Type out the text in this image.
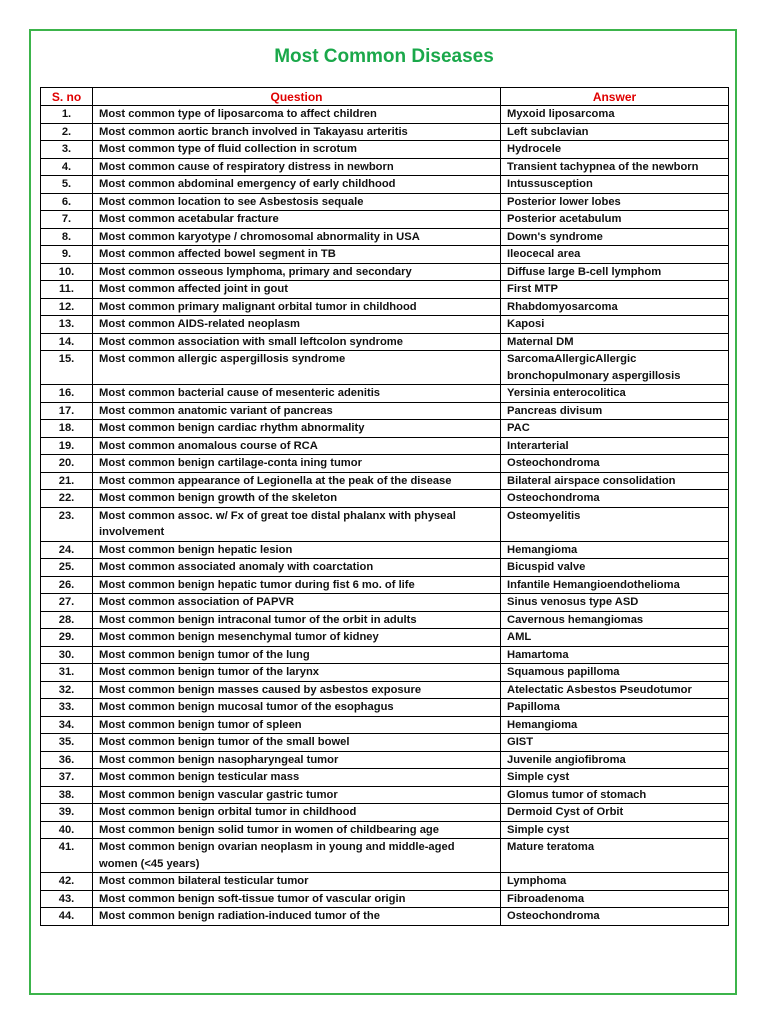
Most Common Diseases
S. no	Question	Answer
1.	Most common type of liposarcoma to affect children	Myxoid liposarcoma
2.	Most common aortic branch involved in Takayasu arteritis	Left subclavian
3.	Most common type of fluid collection in scrotum	Hydrocele
4.	Most common cause of respiratory distress in newborn	Transient tachypnea of the newborn
5.	Most common abdominal emergency of early childhood	Intussusception
6.	Most common location to see Asbestosis sequale	Posterior lower lobes
7.	Most common acetabular fracture	Posterior acetabulum
8.	Most common karyotype / chromosomal abnormality in USA	Down's syndrome
9.	Most common affected bowel segment in TB	Ileocecal area
10.	Most common osseous lymphoma, primary and secondary	Diffuse large B-cell lymphom
11.	Most common affected joint in gout	First MTP
12.	Most common primary malignant orbital tumor in childhood	Rhabdomyosarcoma
13.	Most common AIDS-related neoplasm	Kaposi
14.	Most common association with small leftcolon syndrome	Maternal DM
15.	Most common allergic aspergillosis syndrome	SarcomaAllergicAllergic bronchopulmonary aspergillosis
16.	Most common bacterial cause of mesenteric adenitis	Yersinia enterocolitica
17.	Most common anatomic variant of pancreas	Pancreas divisum
18.	Most common benign cardiac rhythm abnormality	PAC
19.	Most common anomalous course of RCA	Interarterial
20.	Most common benign cartilage-conta ining tumor	Osteochondroma
21.	Most common appearance of Legionella at the peak of the disease	Bilateral airspace consolidation
22.	Most common benign growth of the skeleton	Osteochondroma
23.	Most common assoc. w/ Fx of great toe distal phalanx with physeal involvement	Osteomyelitis
24.	Most common benign hepatic lesion	Hemangioma
25.	Most common associated anomaly with coarctation	Bicuspid valve
26.	Most common benign hepatic tumor during fist 6 mo. of life	Infantile Hemangioendothelioma
27.	Most common association of PAPVR	Sinus venosus type ASD
28.	Most common benign intraconal tumor of the orbit in adults	Cavernous hemangiomas
29.	Most common benign mesenchymal tumor of kidney	AML
30.	Most common benign tumor of the lung	Hamartoma
31.	Most common benign tumor of the larynx	Squamous papilloma
32.	Most common benign masses caused by asbestos exposure	Atelectatic Asbestos Pseudotumor
33.	Most common benign mucosal tumor of the esophagus	Papilloma
34.	Most common benign tumor of spleen	Hemangioma
35.	Most common benign tumor of the small bowel	GIST
36.	Most common benign nasopharyngeal tumor	Juvenile angiofibroma
37.	Most common benign testicular mass	Simple cyst
38.	Most common benign vascular gastric tumor	Glomus tumor of stomach
39.	Most common benign orbital tumor in childhood	Dermoid Cyst of Orbit
40.	Most common benign solid tumor in women of childbearing age	Simple cyst
41.	Most common benign ovarian neoplasm in young and middle-aged women (<45 years)	Mature teratoma
42.	Most common bilateral testicular tumor	Lymphoma
43.	Most common benign soft-tissue tumor of vascular origin	Fibroadenoma
44.	Most common benign radiation-induced tumor of the	Osteochondroma
